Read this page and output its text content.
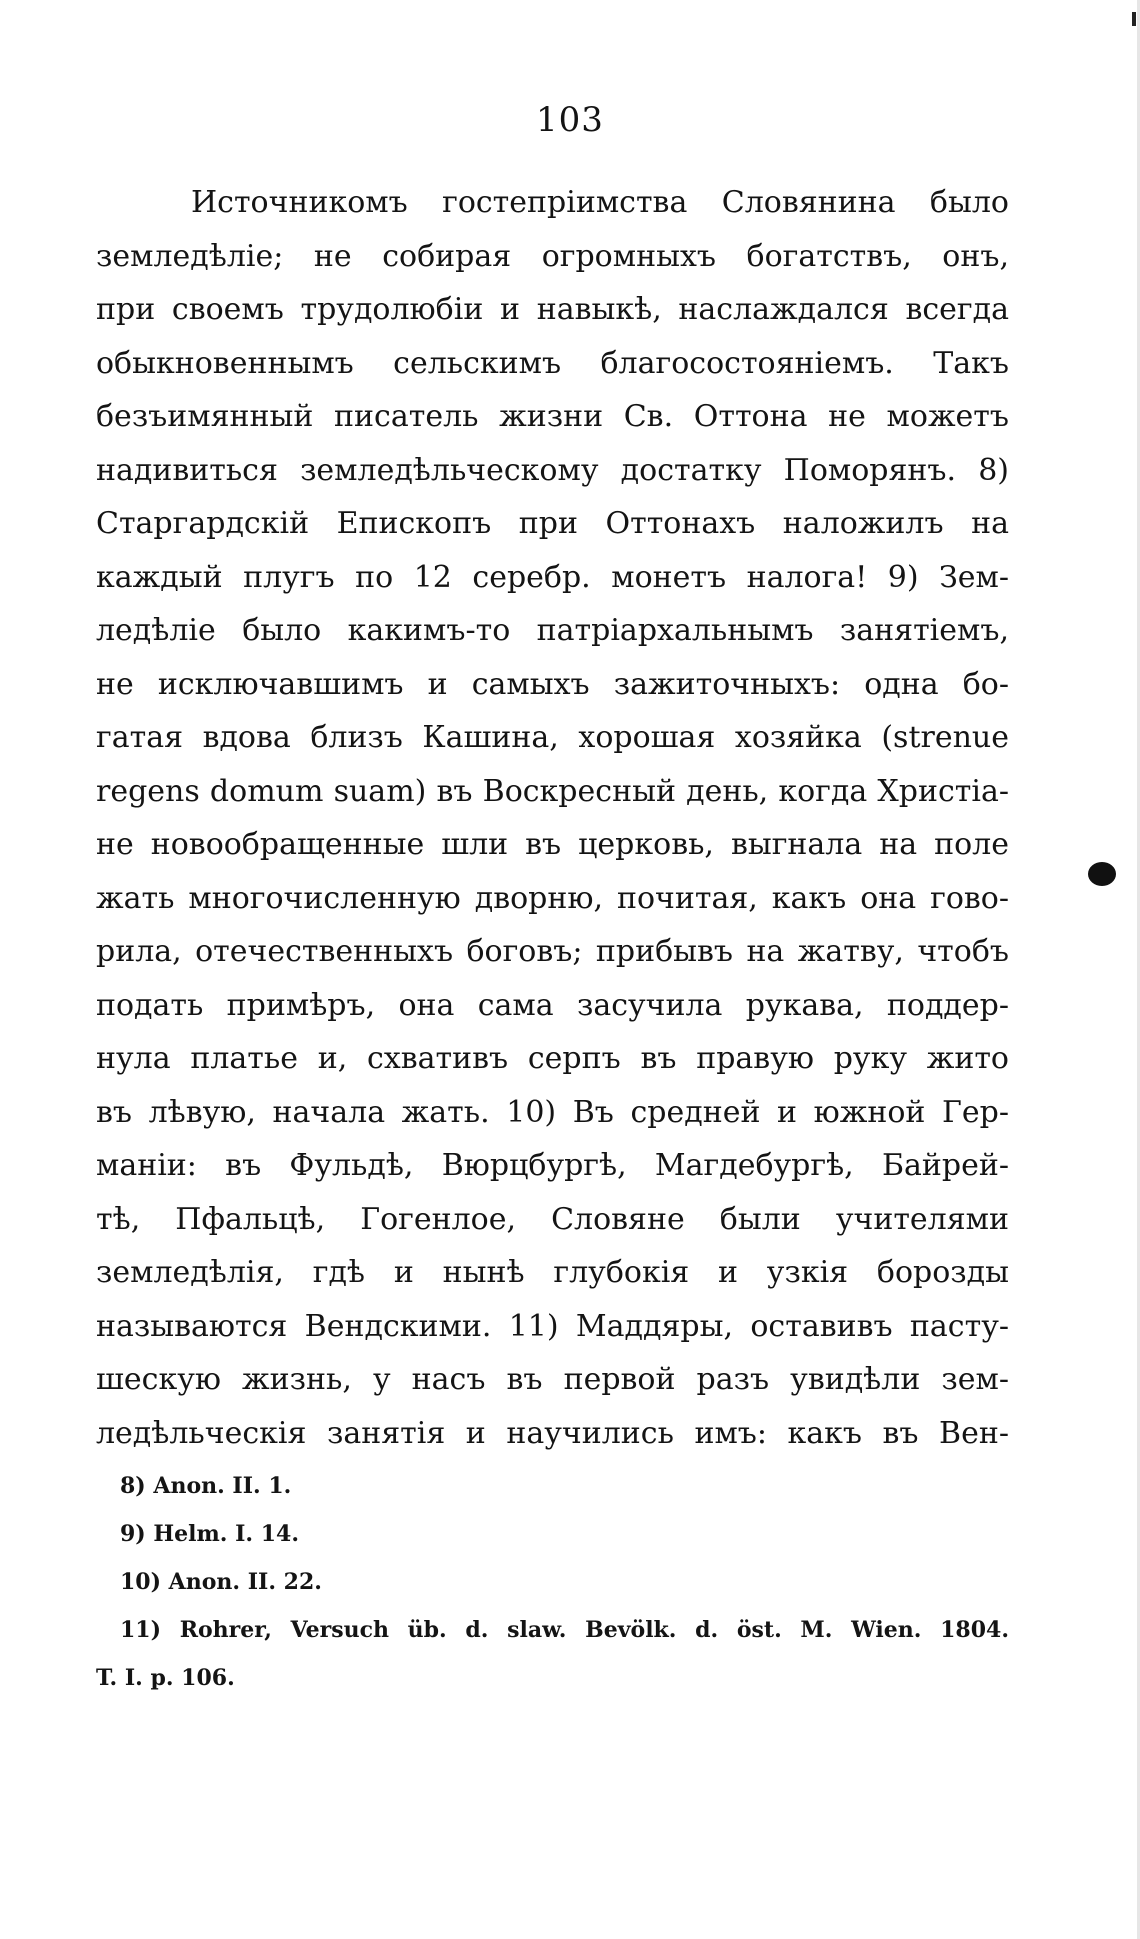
103
Источникомъ гостепріимства Словянина было
земледѣліе; не собирая огромныхъ богатствъ, онъ,
при своемъ трудолюбіи и навыкѣ, наслаждался всегда
обыкновеннымъ сельскимъ благосостояніемъ. Такъ
безъимянный писатель жизни Св. Оттона не можетъ
надивиться земледѣльческому достатку Поморянъ. 8)
Старгардскій Епископъ при Оттонахъ наложилъ на
каждый плугъ по 12 серебр. монетъ налога! 9) Зем-
ледѣліе было какимъ-то патріархальнымъ занятіемъ,
не исключавшимъ и самыхъ зажиточныхъ: одна бо-
гатая вдова близъ Кашина, хорошая хозяйка (strenue
regens domum suam) въ Воскресный день, когда Христіа-
не новообращенные шли въ церковь, выгнала на поле
жать многочисленную дворню, почитая, какъ она гово-
рила, отечественныхъ боговъ; прибывъ на жатву, чтобъ
подать примѣръ, она сама засучила рукава, поддер-
нула платье и, схвативъ серпъ въ правую руку жито
въ лѣвую, начала жать. 10) Въ средней и южной Гер-
маніи: въ Фульдѣ, Вюрцбургѣ, Магдебургѣ, Байрей-
тѣ, Пфальцѣ, Гогенлое, Словяне были учителями
земледѣлія, гдѣ и нынѣ глубокія и узкія борозды
называются Вендскими. 11) Маддяры, оставивъ пасту-
шескую жизнь, у насъ въ первой разъ увидѣли зем-
ледѣльческія занятія и научились имъ: какъ въ Вен-
8) Anon. II. 1.
9) Helm. I. 14.
10) Anon. II. 22.
11) Rohrer, Versuch üb. d. slaw. Bevölk. d. öst. M. Wien. 1804.
T. I. p. 106.
